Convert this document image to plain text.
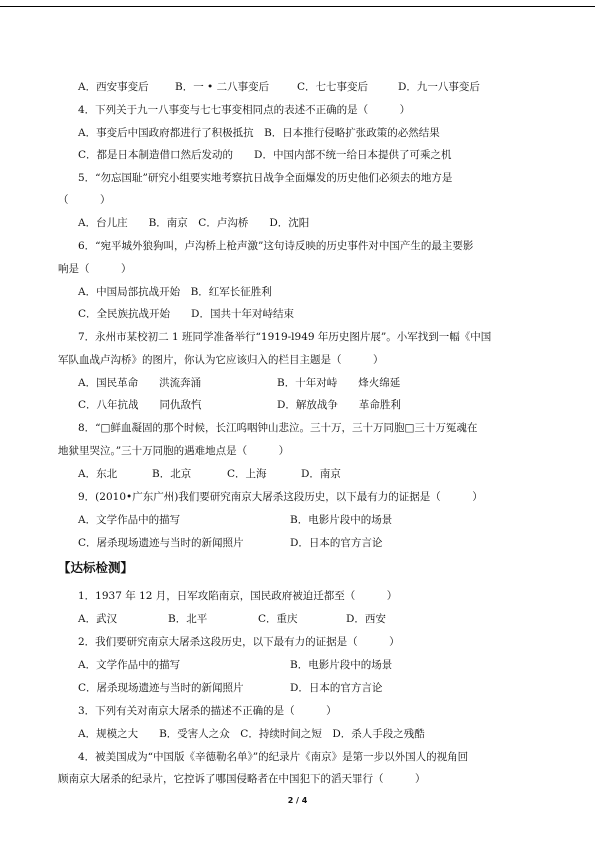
A．西安事变后	B．一 • 二八事变后	C．七七事变后	D．九一八事变后
4．下列关于九一八事变与七七事变相同点的表述不正确的是（　　　）
A．事变后中国政府都进行了积极抵抗　B．日本推行侵略扩张政策的必然结果
C．都是日本制造借口然后发动的　　D．中国内部不统一给日本提供了可乘之机
5．“勿忘国耻”研究小组要实地考察抗日战争全面爆发的历史他们必须去的地方是
（　　　）
A．台儿庄　　B．南京　C．卢沟桥　　D．沈阳
6．“宛平城外狼狗叫，卢沟桥上枪声激”这句诗反映的历史事件对中国产生的最主要影
响是（　　　）
A．中国局部抗战开始　B．红军长征胜利
C．全民族抗战开始　　D．国共十年对峙结束
7．永州市某校初二 1 班同学准备举行“1919-l949 年历史图片展”。小军找到一幅《中国
军队血战卢沟桥》的图片，你认为它应该归入的栏目主题是（　　　）
A．国民革命　　洪流奔涌	B．十年对峙　　烽火绵延
C．八年抗战　　同仇敌忾	D．解放战争　　革命胜利
8．“□鲜血凝固的那个时候，长江呜咽钟山悲泣。三十万，三十万同胞□三十万冤魂在
地狱里哭泣。”三十万同胞的遇难地点是（　　　）
A．东北	B．北京	C．上海	D．南京
9．(2010•广东广州)我们要研究南京大屠杀这段历史，以下最有力的证据是（　　　）
A．文学作品中的描写	B．电影片段中的场景
C．屠杀现场遗迹与当时的新闻照片	D．日本的官方言论
【达标检测】
1．1937 年 12 月，日军攻陷南京，国民政府被迫迁都至（　　　）
A．武汉	B．北平	C．重庆	D．西安
2．我们要研究南京大屠杀这段历史，以下最有力的证据是（　　　）
A．文学作品中的描写	B．电影片段中的场景
C．屠杀现场遗迹与当时的新闻照片	D．日本的官方言论
3．下列有关对南京大屠杀的描述不正确的是（　　　）
A．规模之大　　B．受害人之众　C．持续时间之短　D．杀人手段之残酷
4．被美国成为“中国版《辛德勒名单》”的纪录片《南京》是第一步以外国人的视角回
顾南京大屠杀的纪录片，它控诉了哪国侵略者在中国犯下的滔天罪行（　　　）
2 / 4
